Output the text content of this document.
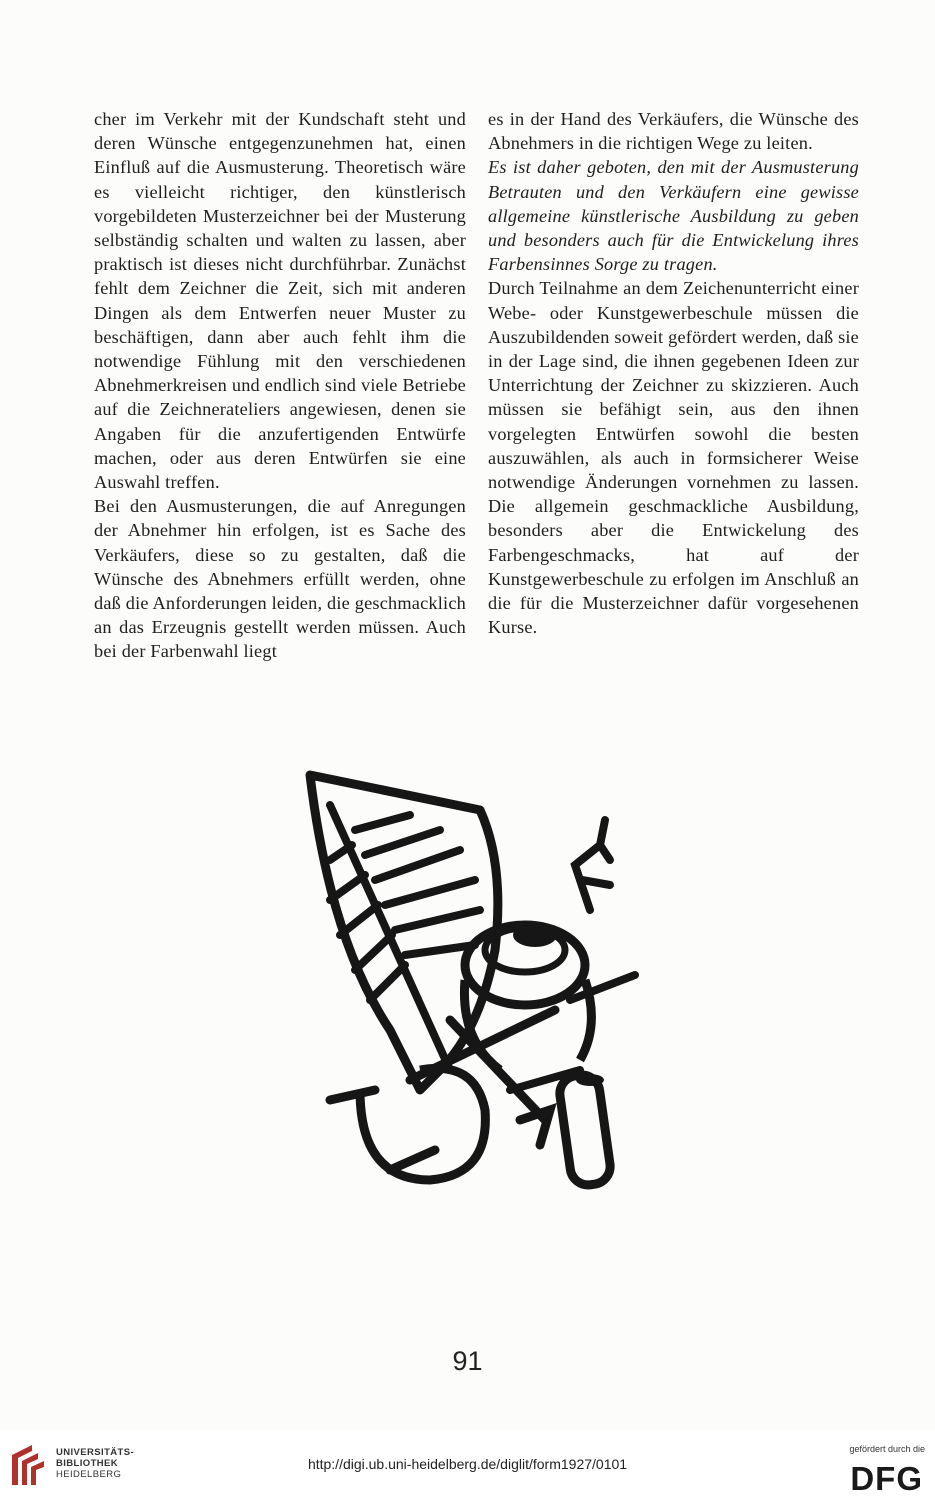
cher im Verkehr mit der Kundschaft steht und deren Wünsche entgegenzunehmen hat, einen Einfluß auf die Ausmusterung. Theoretisch wäre es vielleicht richtiger, den künstlerisch vorgebildeten Musterzeichner bei der Musterung selbständig schalten und walten zu lassen, aber praktisch ist dieses nicht durchführbar. Zunächst fehlt dem Zeichner die Zeit, sich mit anderen Dingen als dem Entwerfen neuer Muster zu beschäftigen, dann aber auch fehlt ihm die notwendige Fühlung mit den verschiedenen Abnehmerkreisen und endlich sind viele Betriebe auf die Zeichnerateliers angewiesen, denen sie Angaben für die anzufertigenden Entwürfe machen, oder aus deren Entwürfen sie eine Auswahl treffen.

Bei den Ausmusterungen, die auf Anregungen der Abnehmer hin erfolgen, ist es Sache des Verkäufers, diese so zu gestalten, daß die Wünsche des Abnehmers erfüllt werden, ohne daß die Anforderungen leiden, die geschmacklich an das Erzeugnis gestellt werden müssen. Auch bei der Farbenwahl liegt

es in der Hand des Verkäufers, die Wünsche des Abnehmers in die richtigen Wege zu leiten.

Es ist daher geboten, den mit der Ausmusterung Betrauten und den Verkäufern eine gewisse allgemeine künstlerische Ausbildung zu geben und besonders auch für die Entwickelung ihres Farbensinnes Sorge zu tragen.

Durch Teilnahme an dem Zeichenunterricht einer Webe- oder Kunstgewerbeschule müssen die Auszubildenden soweit gefördert werden, daß sie in der Lage sind, die ihnen gegebenen Ideen zur Unterrichtung der Zeichner zu skizzieren. Auch müssen sie befähigt sein, aus den ihnen vorgelegten Entwürfen sowohl die besten auszuwählen, als auch in formsicherer Weise notwendige Änderungen vornehmen zu lassen. Die allgemein geschmackliche Ausbildung, besonders aber die Entwickelung des Farbengeschmacks, hat auf der Kunstgewerbeschule zu erfolgen im Anschluß an die für die Musterzeichner dafür vorgesehenen Kurse.

91
UNIVERSITÄTS-
BIBLIOTHEK
HEIDELBERG
http://digi.ub.uni-heidelberg.de/diglit/form1927/0101
gefördert durch die
DFG
